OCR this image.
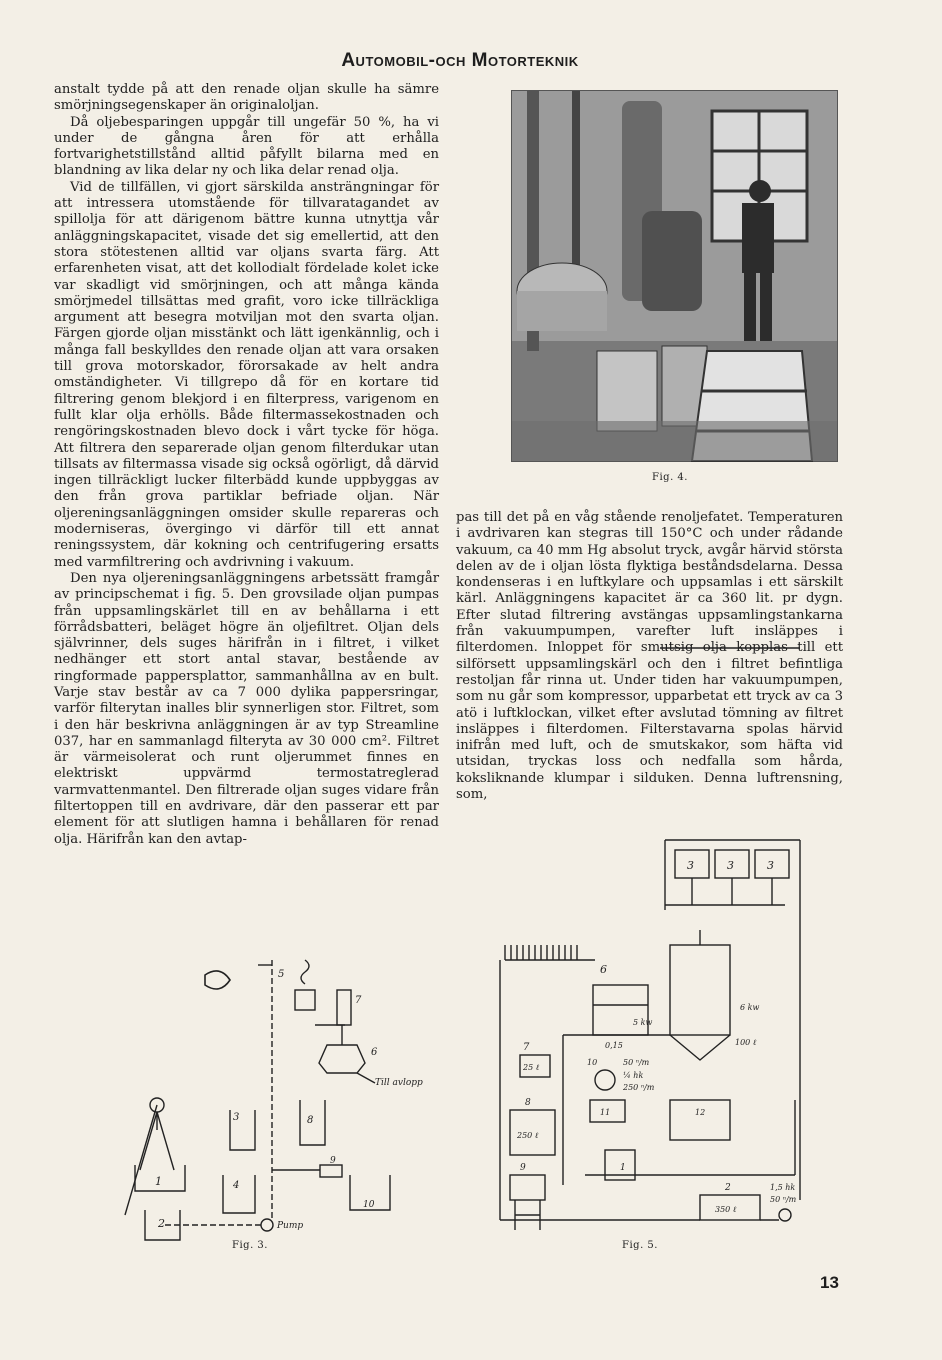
Automobil-och Motorteknik

anstalt tydde på att den renade oljan skulle ha sämre smörjningsegenskaper än originaloljan.

Då oljebesparingen uppgår till ungefär 50 %, ha vi under de gångna åren för att erhålla fortvarighetstillstånd alltid påfyllt bilarna med en blandning av lika delar ny och lika delar renad olja.

Vid de tillfällen, vi gjort särskilda ansträngningar för att intressera utomstående för tillvaratagandet av spillolja för att därigenom bättre kunna utnyttja vår anläggningskapacitet, visade det sig emellertid, att den stora stötestenen alltid var oljans svarta färg. Att erfarenheten visat, att det kollodialt fördelade kolet icke var skadligt vid smörjningen, och att många kända smörjmedel tillsättas med grafit, voro icke tillräckliga argument att besegra motviljan mot den svarta oljan. Färgen gjorde oljan misstänkt och lätt igenkännlig, och i många fall beskylldes den renade oljan att vara orsaken till grova motorskador, förorsakade av helt andra omständigheter. Vi tillgrepo då för en kortare tid filtrering genom blekjord i en filterpress, varigenom en fullt klar olja erhölls. Både filtermassekostnaden och rengöringskostnaden blevo dock i vårt tycke för höga. Att filtrera den separerade oljan genom filterdukar utan tillsats av filtermassa visade sig också ogörligt, då därvid ingen tillräckligt lucker filterbädd kunde uppbyggas av den från grova partiklar befriade oljan. När oljereningsanläggningen omsider skulle repareras och moderniseras, övergingo vi därför till ett annat reningssystem, där kokning och centrifugering ersatts med varmfiltrering och avdrivning i vakuum.

Den nya oljereningsanläggningens arbetssätt framgår av principschemat i fig. 5. Den grovsilade oljan pumpas från uppsamlingskärlet till en av behållarna i ett förrådsbatteri, beläget högre än oljefiltret. Oljan dels självrinner, dels suges härifrån in i filtret, i vilket nedhänger ett stort antal stavar, bestående av ringformade pappersplattor, sammanhållna av en bult. Varje stav består av ca 7 000 dylika pappersringar, varför filterytan inalles blir synnerligen stor. Filtret, som i den här beskrivna anläggningen är av typ Streamline 037, har en sammanlagd filteryta av 30 000 cm². Filtret är värmeisolerat och runt oljerummet finnes en elektriskt uppvärmd termostatreglerad varmvattenmantel. Den filtrerade oljan suges vidare från filtertoppen till en avdrivare, där den passerar ett par element för att slutligen hamna i behållaren för renad olja. Härifrån kan den avtap-

Fig. 4.

pas till det på en våg stående renoljefatet. Temperaturen i avdrivaren kan stegras till 150°C och under rådande vakuum, ca 40 mm Hg absolut tryck, avgår härvid största delen av de i oljan lösta flyktiga beståndsdelarna. Dessa kondenseras i en luftkylare och uppsamlas i ett särskilt kärl. Anläggningens kapacitet är ca 360 lit. pr dygn. Efter slutad filtrering avstängas uppsamlingstankarna från vakuumpumpen, varefter luft insläppes i filterdomen. Inloppet för smutsig olja kopplas till ett silförsett uppsamlingskärl och den i filtret befintliga restoljan får rinna ut. Under tiden har vakuumpumpen, som nu går som kompressor, upparbetat ett tryck av ca 3 atö i luftklockan, vilket efter avslutad tömning av filtret insläppes i filterdomen. Filterstavarna spolas härvid inifrån med luft, och de smutskakor, som häfta vid utsidan, tryckas loss och nedfalla som hårda, koksliknande klumpar i silduken. Denna luftrensning, som,

1
2
5
7
6
Till avlopp
8
3
4
9
10
Pump
Fig. 3.
3	3	3
6
5 kw
6 kw
0,15
7
25 ℓ
10	50 ⁿ/m
¼ hk
250 ⁿ/m
100 ℓ
8
250 ℓ
11	12
1
9
2
350 ℓ
1,5 hk
50 ⁿ/m
Fig. 5.
13
